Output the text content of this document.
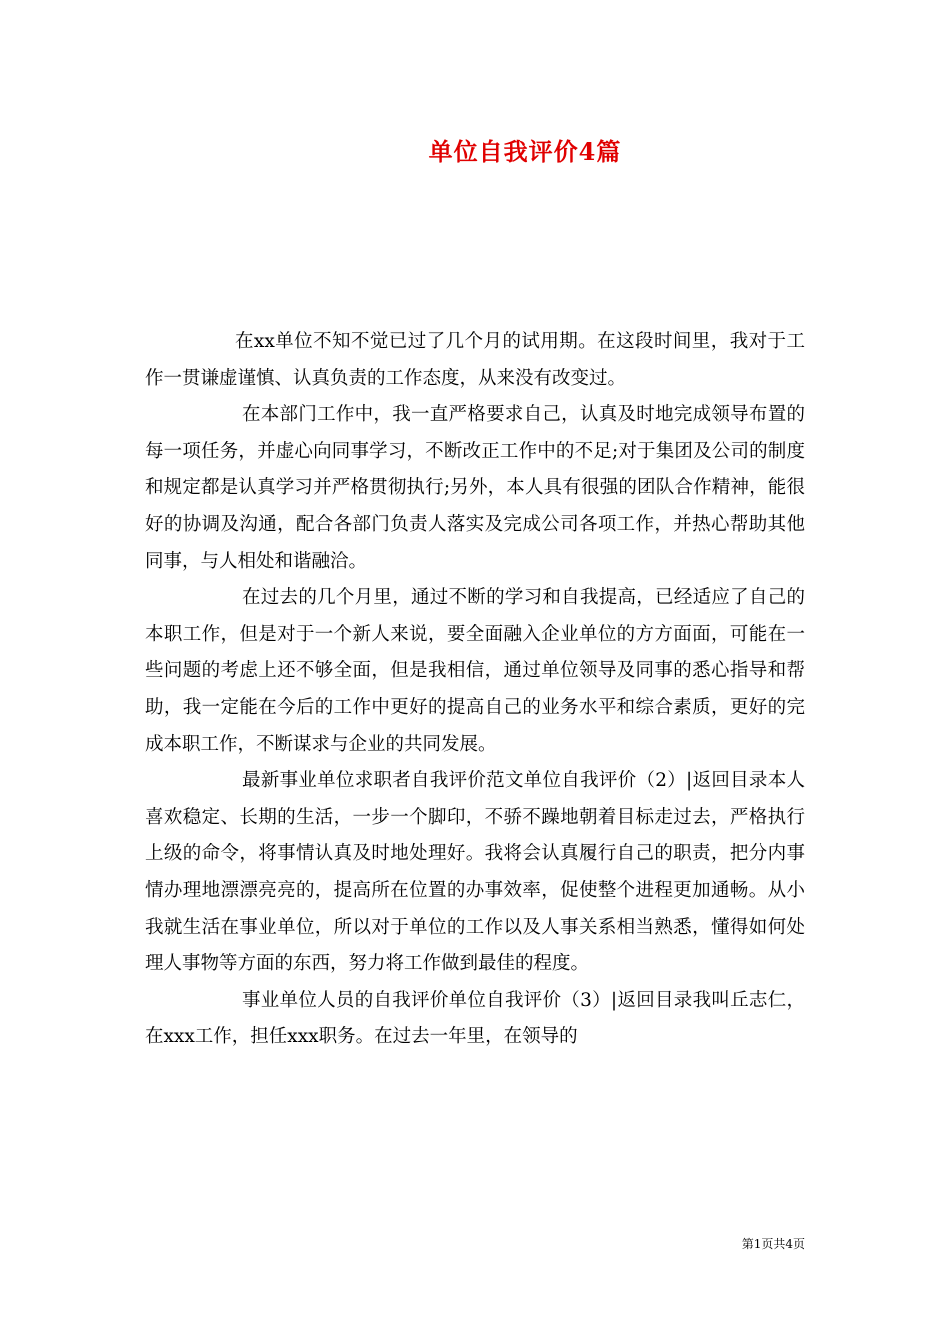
单位自我评价4篇

在xx单位不知不觉已过了几个月的试用期。在这段时间里，我对于工作一贯谦虚谨慎、认真负责的工作态度，从来没有改变过。

在本部门工作中，我一直严格要求自己，认真及时地完成领导布置的每一项任务，并虚心向同事学习，不断改正工作中的不足;对于集团及公司的制度和规定都是认真学习并严格贯彻执行;另外，本人具有很强的团队合作精神，能很好的协调及沟通，配合各部门负责人落实及完成公司各项工作，并热心帮助其他同事，与人相处和谐融洽。

在过去的几个月里，通过不断的学习和自我提高，已经适应了自己的本职工作，但是对于一个新人来说，要全面融入企业单位的方方面面，可能在一些问题的考虑上还不够全面，但是我相信，通过单位领导及同事的悉心指导和帮助，我一定能在今后的工作中更好的提高自己的业务水平和综合素质，更好的完成本职工作，不断谋求与企业的共同发展。

最新事业单位求职者自我评价范文单位自我评价（2）|返回目录本人喜欢稳定、长期的生活，一步一个脚印，不骄不躁地朝着目标走过去，严格执行上级的命令，将事情认真及时地处理好。我将会认真履行自己的职责，把分内事情办理地漂漂亮亮的，提高所在位置的办事效率，促使整个进程更加通畅。从小我就生活在事业单位，所以对于单位的工作以及人事关系相当熟悉，懂得如何处理人事物等方面的东西，努力将工作做到最佳的程度。

事业单位人员的自我评价单位自我评价（3）|返回目录我叫丘志仁，在xxx工作，担任xxx职务。在过去一年里，在领导的

第1页共4页
